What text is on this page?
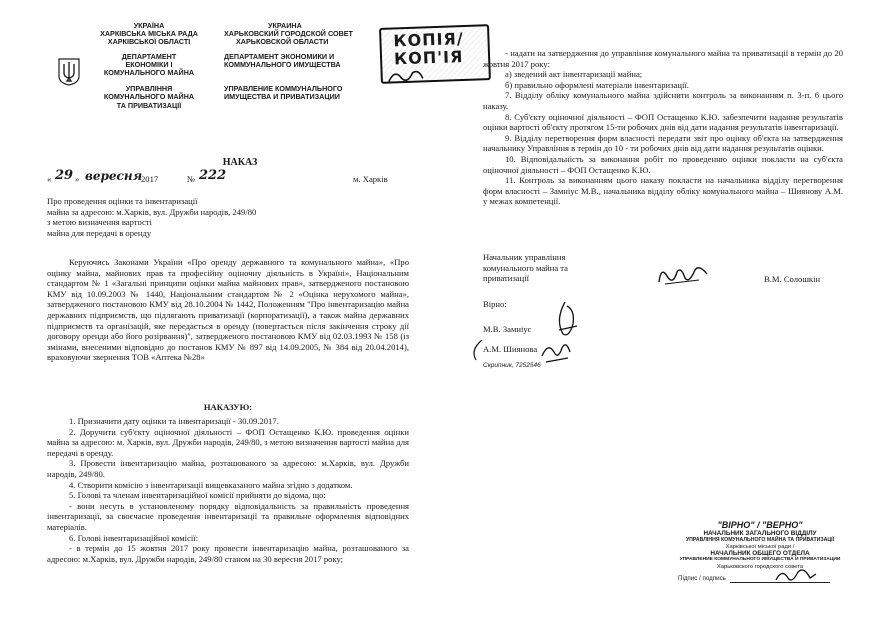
УКРАЇНА
ХАРКІВСЬКА МІСЬКА РАДА
ХАРКІВСЬКОЇ ОБЛАСТІ
ДЕПАРТАМЕНТ
ЕКОНОМІКИ І
КОМУНАЛЬНОГО МАЙНА
УПРАВЛІННЯ
КОМУНАЛЬНОГО МАЙНА
ТА ПРИВАТИЗАЦІЇ
УКРАИНА
ХАРЬКОВСКИЙ ГОРОДСКОЙ СОВЕТ
ХАРЬКОВСКОЙ ОБЛАСТИ
ДЕПАРТАМЕНТ ЭКОНОМИКИ И
КОММУНАЛЬНОГО ИМУЩЕСТВА
УПРАВЛЕНИЕ КОММУНАЛЬНОГО
ИМУЩЕСТВА И ПРИВАТИЗАЦИИ
КОПІЯ/
КОП'ІЯ
НАКАЗ
« 29 » вересня
2017	№ 222	м. Харків
Про проведення оцінки та інвентаризації
майна за адресою: м.Харків, вул. Дружби народів, 249/80
з метою визначення вартості
майна для передачі в оренду
Керуючись Законами України «Про оренду державного та комунального майна», «Про оцінку майна, майнових прав та професійну оціночну діяльність в Україні», Національним стандартом № 1 «Загальні принципи оцінки майна майнових прав», затвердженого постановою КМУ від 10.09.2003 № 1440, Національним стандартом № 2 «Оцінка нерухомого майна», затвердженого постановою КМУ від 28.10.2004 № 1442, Положенням "Про інвентаризацію майна державних підприємств, що підлягають приватизації (корпоратизації), а також майна державних підприємств та організацій, яке передається в оренду (повертається після закінчення строку дії договору оренди або його розірвання)", затвердженого постановою КМУ від 02.03.1993 № 158 (із змінами, внесеними відповідно до постанов КМУ № 897 від 14.09.2005, № 384 від 20.04.2014), враховуючи звернення ТОВ «Аптека №28»
НАКАЗУЮ:
1. Призначити дату оцінки та інвентаризації - 30.09.2017.
2. Доручити суб'єкту оціночної діяльності – ФОП Остащенко К.Ю. проведення оцінки майна за адресою: м. Харків, вул. Дружби народів, 249/80, з метою визначення вартості майна для передачі в оренду.
3. Провести інвентаризацію майна, розташованого за адресою: м.Харків, вул. Дружби народів, 249/80.
4. Створити комісію з інвентаризації вищевказаного майна згідно з додатком.
5. Голові та членам інвентаризаційної комісії прийняти до відома, що:
- вони несуть в установленому порядку відповідальність за правильність проведення інвентаризації, за своєчасне проведення інвентаризації та правильне оформлення відповідних матеріалів.
6. Голові інвентаризаційної комісії:
- в термін до 15 жовтня 2017 року провести інвентаризацію майна, розташованого за адресою: м.Харків, вул. Дружби народів, 249/80 станом на 30 вересня 2017 року;
- надати на затвердження до управління комунального майна та приватизації в термін до 20 жовтня 2017 року:
а) зведений акт інвентаризації майна;
б) правильно оформлені матеріали інвентаризації.
7. Відділу обліку комунального майна здійснити контроль за виконанням п. 3-п. 6 цього наказу.
8. Суб'єкту оціночної діяльності – ФОП Остащенко К.Ю. забезпечити надання результатів оцінки вартості об'єкту протягом 15-ти робочих днів від дати надання результатів інвентаризації.
9. Відділу перетворення форм власності передати звіт про оцінку об'єкта на затвердження начальнику Управління в термін до 10 - ти робочих днів від дати надання результатів оцінки.
10. Відповідальність за виконання робіт по проведенню оцінки покласти на суб'єкта оціночної діяльності – ФОП Остащенко К.Ю.
11. Контроль за виконанням цього наказу покласти на начальника відділу перетворення форм власності – Замніус М.В., начальника відділу обліку комунального майна – Шиянову А.М. у межах компетенції.
Начальник управління
комунального майна та
приватизації	В.М. Солошкін
Вірно:
М.В. Замніус
А.М. Шиянова
Скрипник, 7252546
"ВІРНО" / "ВЕРНО"
НАЧАЛЬНИК ЗАГАЛЬНОГО ВІДДІЛУ
УПРАВЛІННЯ КОМУНАЛЬНОГО МАЙНА ТА ПРИВАТИЗАЦІЇ
Харківської міської ради /
НАЧАЛЬНИК ОБЩЕГО ОТДЕЛА
УПРАВЛЕНИЕ КОММУНАЛЬНОГО ИМУЩЕСТВА И ПРИВАТИЗАЦИИ
Харьковского городского совета
Підпис / подпись
